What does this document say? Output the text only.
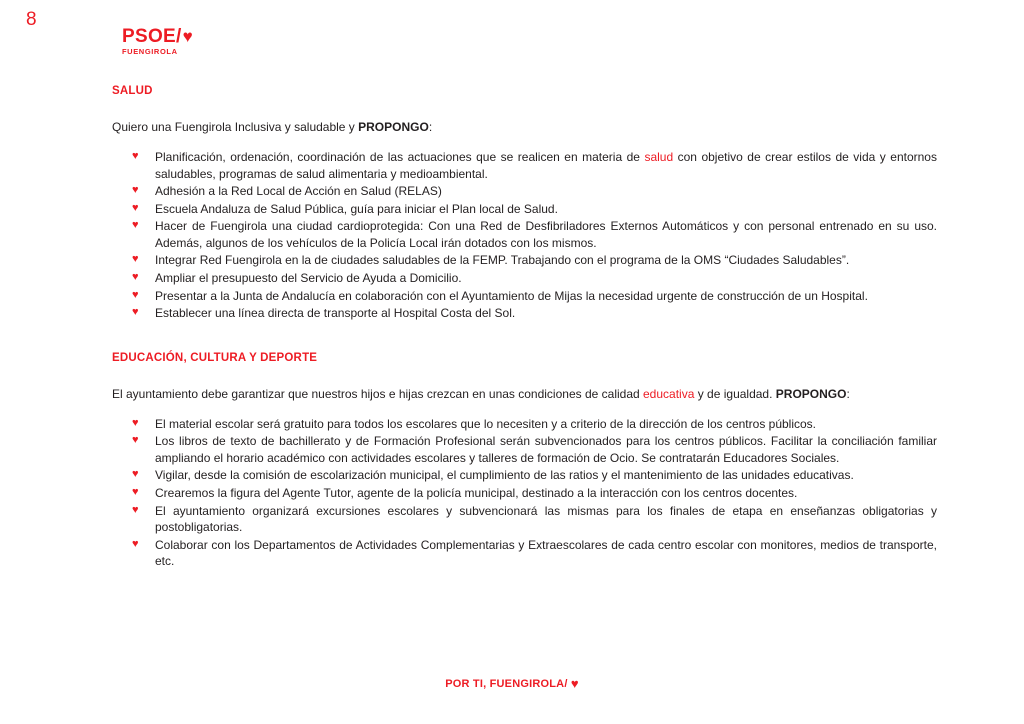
8
PSOE/ ♥
FUENGIROLA
SALUD

Quiero una Fuengirola Inclusiva y saludable y PROPONGO:

♥ Planificación, ordenación, coordinación de las actuaciones que se realicen en materia de salud con objetivo de crear estilos de vida y entornos saludables, programas de salud alimentaria y medioambiental.
♥ Adhesión a la Red Local de Acción en Salud (RELAS)
♥ Escuela Andaluza de Salud Pública, guía para iniciar el Plan local de Salud.
♥ Hacer de Fuengirola una ciudad cardioprotegida: Con una Red de Desfibriladores Externos Automáticos y con personal entrenado en su uso. Además, algunos de los vehículos de la Policía Local irán dotados con los mismos.
♥ Integrar Red Fuengirola en la de ciudades saludables de la FEMP. Trabajando con el programa de la OMS “Ciudades Saludables”.
♥ Ampliar el presupuesto del Servicio de Ayuda a Domicilio.
♥ Presentar a la Junta de Andalucía en colaboración con el Ayuntamiento de Mijas la necesidad urgente de construcción de un Hospital.
♥ Establecer una línea directa de transporte al Hospital Costa del Sol.
EDUCACIÓN, CULTURA Y DEPORTE

El ayuntamiento debe garantizar que nuestros hijos e hijas crezcan en unas condiciones de calidad educativa y de igualdad. PROPONGO:

♥ El material escolar será gratuito para todos los escolares que lo necesiten y a criterio de la dirección de los centros públicos.
♥ Los libros de texto de bachillerato y de Formación Profesional serán subvencionados para los centros públicos. Facilitar la conciliación familiar ampliando el horario académico con actividades escolares y talleres de formación de Ocio. Se contratarán Educadores Sociales.
♥ Vigilar, desde la comisión de escolarización municipal, el cumplimiento de las ratios y el mantenimiento de las unidades educativas.
♥ Crearemos la figura del Agente Tutor, agente de la policía municipal, destinado a la interacción con los centros docentes.
♥ El ayuntamiento organizará excursiones escolares y subvencionará las mismas para los finales de etapa en enseñanzas obligatorias y postobligatorias.
♥ Colaborar con los Departamentos de Actividades Complementarias y Extraescolares de cada centro escolar con monitores, medios de transporte, etc.
POR TI, FUENGIROLA/ ♥
